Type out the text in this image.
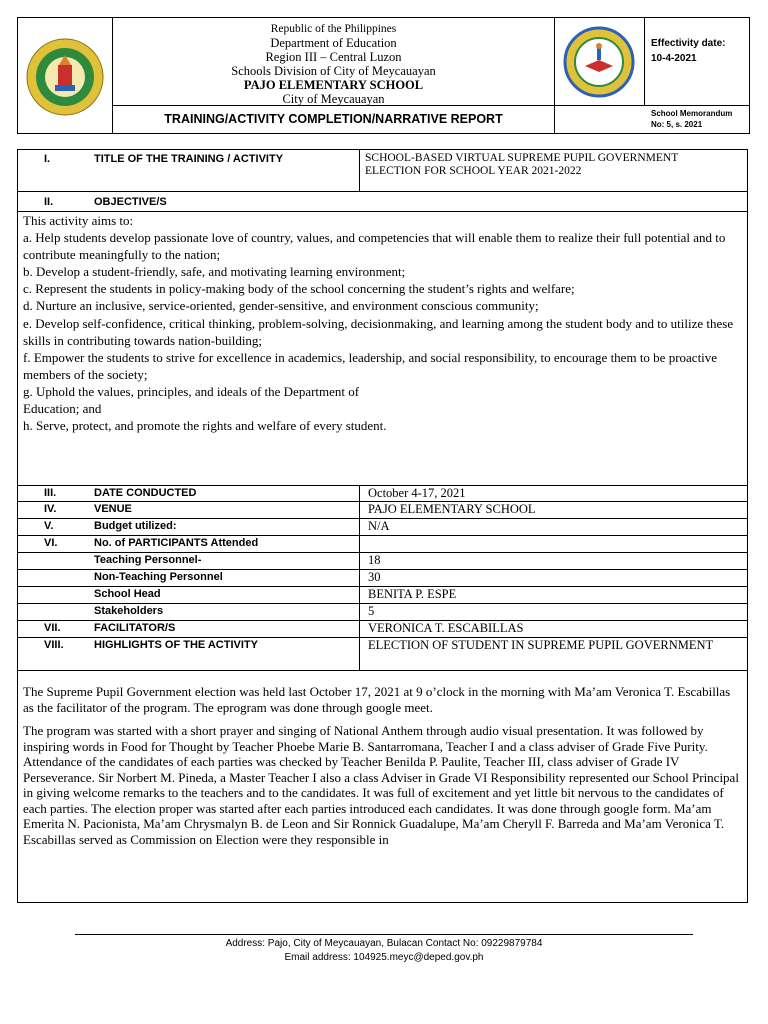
Republic of the Philippines
Department of Education
Region III – Central Luzon
Schools Division of City of Meycauayan
PAJO ELEMENTARY SCHOOL
City of Meycauayan
TRAINING/ACTIVITY COMPLETION/NARRATIVE REPORT
Effectivity date:
10-4-2021
School Memorandum
No: 5, s. 2021
I.	TITLE OF THE TRAINING / ACTIVITY	SCHOOL-BASED VIRTUAL SUPREME PUPIL GOVERNMENT ELECTION FOR SCHOOL YEAR 2021-2022
II.	OBJECTIVE/S

This activity aims to:

a. Help students develop passionate love of country, values, and competencies that will enable them to realize their full potential and to contribute meaningfully to the nation;

b. Develop a student-friendly, safe, and motivating learning environment;

c. Represent the students in policy-making body of the school concerning the student’s rights and welfare;

d. Nurture an inclusive, service-oriented, gender-sensitive, and environment conscious community;

e. Develop self-confidence, critical thinking, problem-solving, decisionmaking, and learning among the student body and to utilize these skills in contributing towards nation-building;

f. Empower the students to strive for excellence in academics, leadership, and social responsibility, to encourage them to be proactive members of the society;

g. Uphold the values, principles, and ideals of the Department of

Education; and

h. Serve, protect, and promote the rights and welfare of every student.

III.	DATE CONDUCTED	October 4-17, 2021
IV.	VENUE	PAJO ELEMENTARY SCHOOL
V.	Budget utilized:	N/A
VI.	No. of PARTICIPANTS Attended
Teaching Personnel-	18
Non-Teaching Personnel	30
School Head	BENITA P. ESPE
Stakeholders	5
VII.	FACILITATOR/S	VERONICA T. ESCABILLAS
VIII.	HIGHLIGHTS OF THE ACTIVITY	ELECTION OF STUDENT IN SUPREME PUPIL GOVERNMENT

The Supreme Pupil Government election was held last October 17, 2021 at 9 o’clock in the morning with Ma’am Veronica T. Escabillas as the facilitator of the program. The eprogram was done through google meet.

The program was started with a short prayer and singing of National Anthem through audio visual presentation. It was followed by inspiring words in Food for Thought by Teacher Phoebe Marie B. Santarromana, Teacher I and a class adviser of Grade Five Purity. Attendance of the candidates of each parties was checked by Teacher Benilda P. Paulite, Teacher III, class adviser of Grade IV Perseverance. Sir Norbert M. Pineda, a Master Teacher I also a class Adviser in Grade VI Responsibility represented our School Principal in giving welcome remarks to the teachers and to the candidates. It was full of excitement and yet little bit nervous to the candidates of each parties. The election proper was started after each parties introduced each candidates. It was done through google form. Ma’am Emerita N. Pacionista, Ma’am Chrysmalyn B. de Leon and Sir Ronnick Guadalupe, Ma’am Cheryll F. Barreda and Ma’am Veronica T. Escabillas served as Commission on Election were they responsible in

Address: Pajo, City of Meycauayan, Bulacan Contact No: 09229879784
Email address: 104925.meyc@deped.gov.ph
